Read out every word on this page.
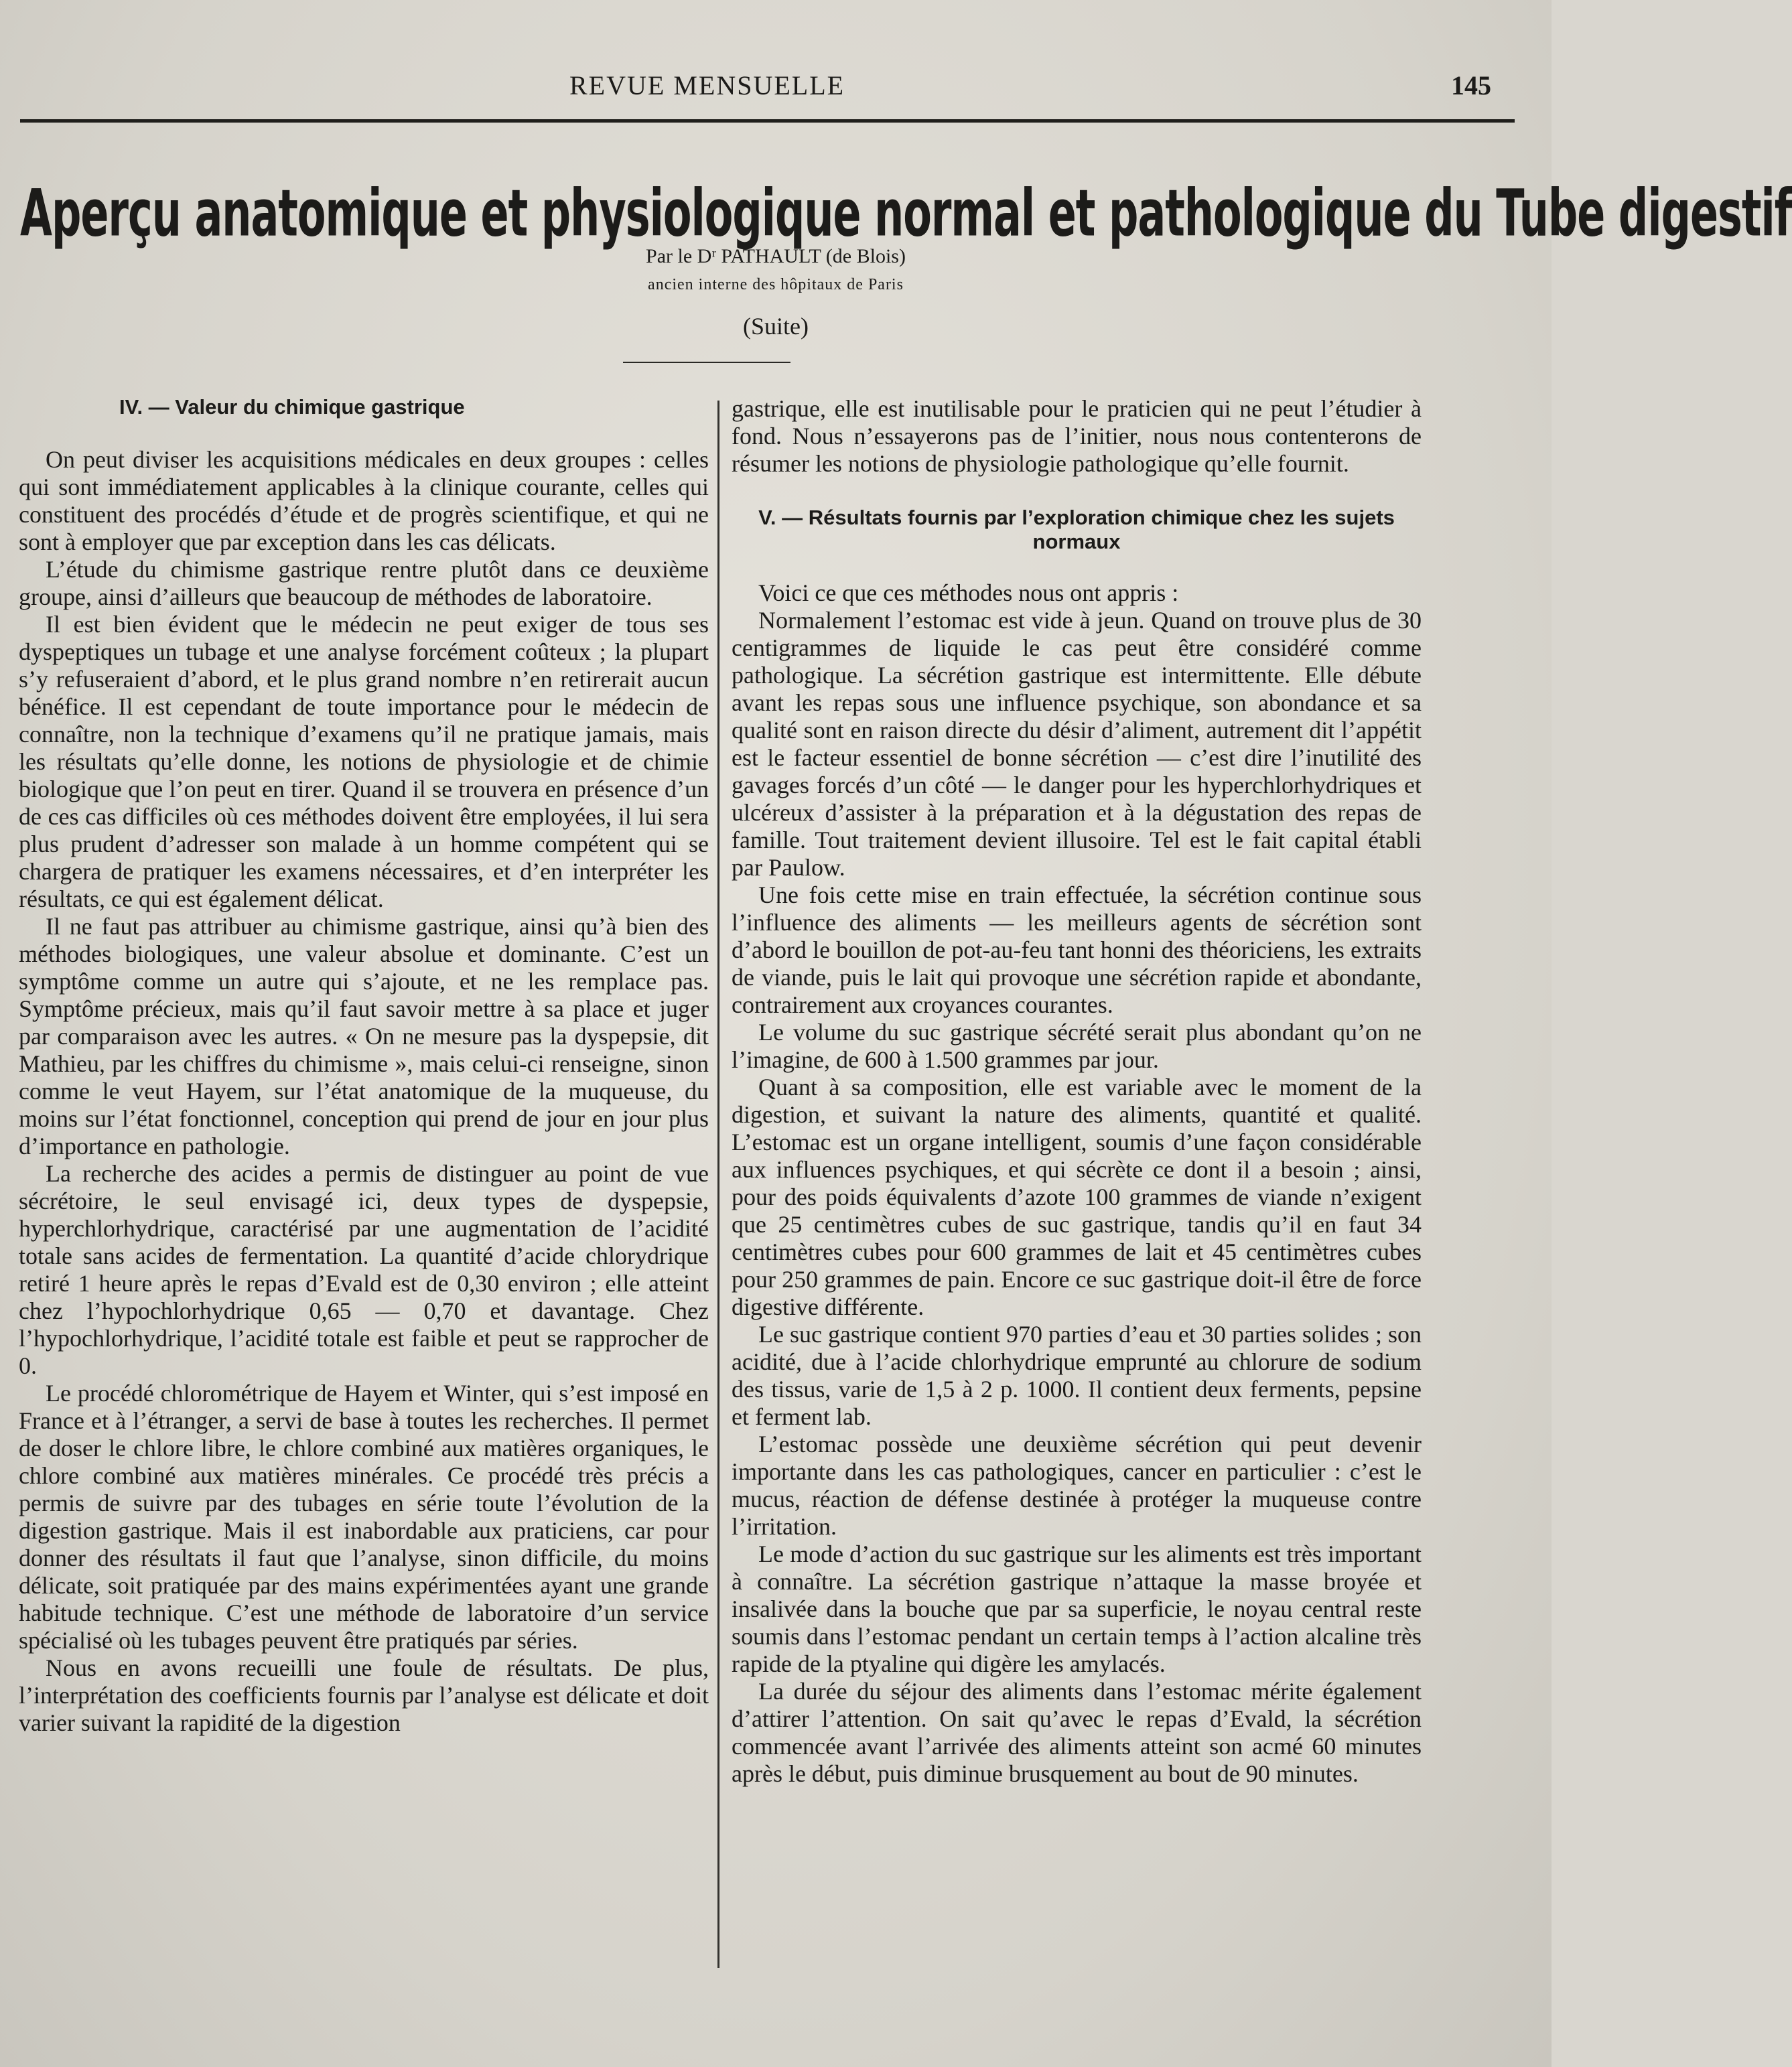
REVUE MENSUELLE	145
Aperçu anatomique et physiologique normal et pathologique du Tube digestif
Par le Dʳ PATHAULT (de Blois)
ancien interne des hôpitaux de Paris
(Suite)
IV. — Valeur du chimique gastrique

On peut diviser les acquisitions médicales en deux groupes : celles qui sont immédiatement applicables à la clinique courante, celles qui constituent des procédés d’étude et de progrès scientifique, et qui ne sont à employer que par exception dans les cas délicats.

L’étude du chimisme gastrique rentre plutôt dans ce deuxième groupe, ainsi d’ailleurs que beaucoup de méthodes de laboratoire.

Il est bien évident que le médecin ne peut exiger de tous ses dyspeptiques un tubage et une analyse forcément coûteux ; la plupart s’y refuseraient d’abord, et le plus grand nombre n’en retirerait aucun bénéfice. Il est cependant de toute importance pour le médecin de connaître, non la technique d’examens qu’il ne pratique jamais, mais les résultats qu’elle donne, les notions de physiologie et de chimie biologique que l’on peut en tirer. Quand il se trouvera en présence d’un de ces cas difficiles où ces méthodes doivent être employées, il lui sera plus prudent d’adresser son malade à un homme compétent qui se chargera de pratiquer les examens nécessaires, et d’en interpréter les résultats, ce qui est également délicat.

Il ne faut pas attribuer au chimisme gastrique, ainsi qu’à bien des méthodes biologiques, une valeur absolue et dominante. C’est un symptôme comme un autre qui s’ajoute, et ne les remplace pas. Symptôme précieux, mais qu’il faut savoir mettre à sa place et juger par comparaison avec les autres. « On ne mesure pas la dyspepsie, dit Mathieu, par les chiffres du chimisme », mais celui-ci renseigne, sinon comme le veut Hayem, sur l’état anatomique de la muqueuse, du moins sur l’état fonctionnel, conception qui prend de jour en jour plus d’importance en pathologie.

La recherche des acides a permis de distinguer au point de vue sécrétoire, le seul envisagé ici, deux types de dyspepsie, hyperchlorhydrique, caractérisé par une augmentation de l’acidité totale sans acides de fermentation. La quantité d’acide chlorydrique retiré 1 heure après le repas d’Evald est de 0,30 environ ; elle atteint chez l’hypochlorhydrique 0,65 — 0,70 et davantage. Chez l’hypochlorhydrique, l’acidité totale est faible et peut se rapprocher de 0.

Le procédé chlorométrique de Hayem et Winter, qui s’est imposé en France et à l’étranger, a servi de base à toutes les recherches. Il permet de doser le chlore libre, le chlore combiné aux matières organiques, le chlore combiné aux matières minérales. Ce procédé très précis a permis de suivre par des tubages en série toute l’évolution de la digestion gastrique. Mais il est inabordable aux praticiens, car pour donner des résultats il faut que l’analyse, sinon difficile, du moins délicate, soit pratiquée par des mains expérimentées ayant une grande habitude technique. C’est une méthode de laboratoire d’un service spécialisé où les tubages peuvent être pratiqués par séries.

Nous en avons recueilli une foule de résultats. De plus, l’interprétation des coefficients fournis par l’analyse est délicate et doit varier suivant la rapidité de la digestion

gastrique, elle est inutilisable pour le praticien qui ne peut l’étudier à fond. Nous n’essayerons pas de l’initier, nous nous contenterons de résumer les notions de physiologie pathologique qu’elle fournit.

V. — Résultats fournis par l’exploration chimique chez les sujets normaux

Voici ce que ces méthodes nous ont appris :

Normalement l’estomac est vide à jeun. Quand on trouve plus de 30 centigrammes de liquide le cas peut être considéré comme pathologique. La sécrétion gastrique est intermittente. Elle débute avant les repas sous une influence psychique, son abondance et sa qualité sont en raison directe du désir d’aliment, autrement dit l’appétit est le facteur essentiel de bonne sécrétion — c’est dire l’inutilité des gavages forcés d’un côté — le danger pour les hyperchlorhydriques et ulcéreux d’assister à la préparation et à la dégustation des repas de famille. Tout traitement devient illusoire. Tel est le fait capital établi par Paulow.

Une fois cette mise en train effectuée, la sécrétion continue sous l’influence des aliments — les meilleurs agents de sécrétion sont d’abord le bouillon de pot-au-feu tant honni des théoriciens, les extraits de viande, puis le lait qui provoque une sécrétion rapide et abondante, contrairement aux croyances courantes.

Le volume du suc gastrique sécrété serait plus abondant qu’on ne l’imagine, de 600 à 1.500 grammes par jour.

Quant à sa composition, elle est variable avec le moment de la digestion, et suivant la nature des aliments, quantité et qualité. L’estomac est un organe intelligent, soumis d’une façon considérable aux influences psychiques, et qui sécrète ce dont il a besoin ; ainsi, pour des poids équivalents d’azote 100 grammes de viande n’exigent que 25 centimètres cubes de suc gastrique, tandis qu’il en faut 34 centimètres cubes pour 600 grammes de lait et 45 centimètres cubes pour 250 grammes de pain. Encore ce suc gastrique doit-il être de force digestive différente.

Le suc gastrique contient 970 parties d’eau et 30 parties solides ; son acidité, due à l’acide chlorhydrique emprunté au chlorure de sodium des tissus, varie de 1,5 à 2 p. 1000. Il contient deux ferments, pepsine et ferment lab.

L’estomac possède une deuxième sécrétion qui peut devenir importante dans les cas pathologiques, cancer en particulier : c’est le mucus, réaction de défense destinée à protéger la muqueuse contre l’irritation.

Le mode d’action du suc gastrique sur les aliments est très important à connaître. La sécrétion gastrique n’attaque la masse broyée et insalivée dans la bouche que par sa superficie, le noyau central reste soumis dans l’estomac pendant un certain temps à l’action alcaline très rapide de la ptyaline qui digère les amylacés.

La durée du séjour des aliments dans l’estomac mérite également d’attirer l’attention. On sait qu’avec le repas d’Evald, la sécrétion commencée avant l’arrivée des aliments atteint son acmé 60 minutes après le début, puis diminue brusquement au bout de 90 minutes.
